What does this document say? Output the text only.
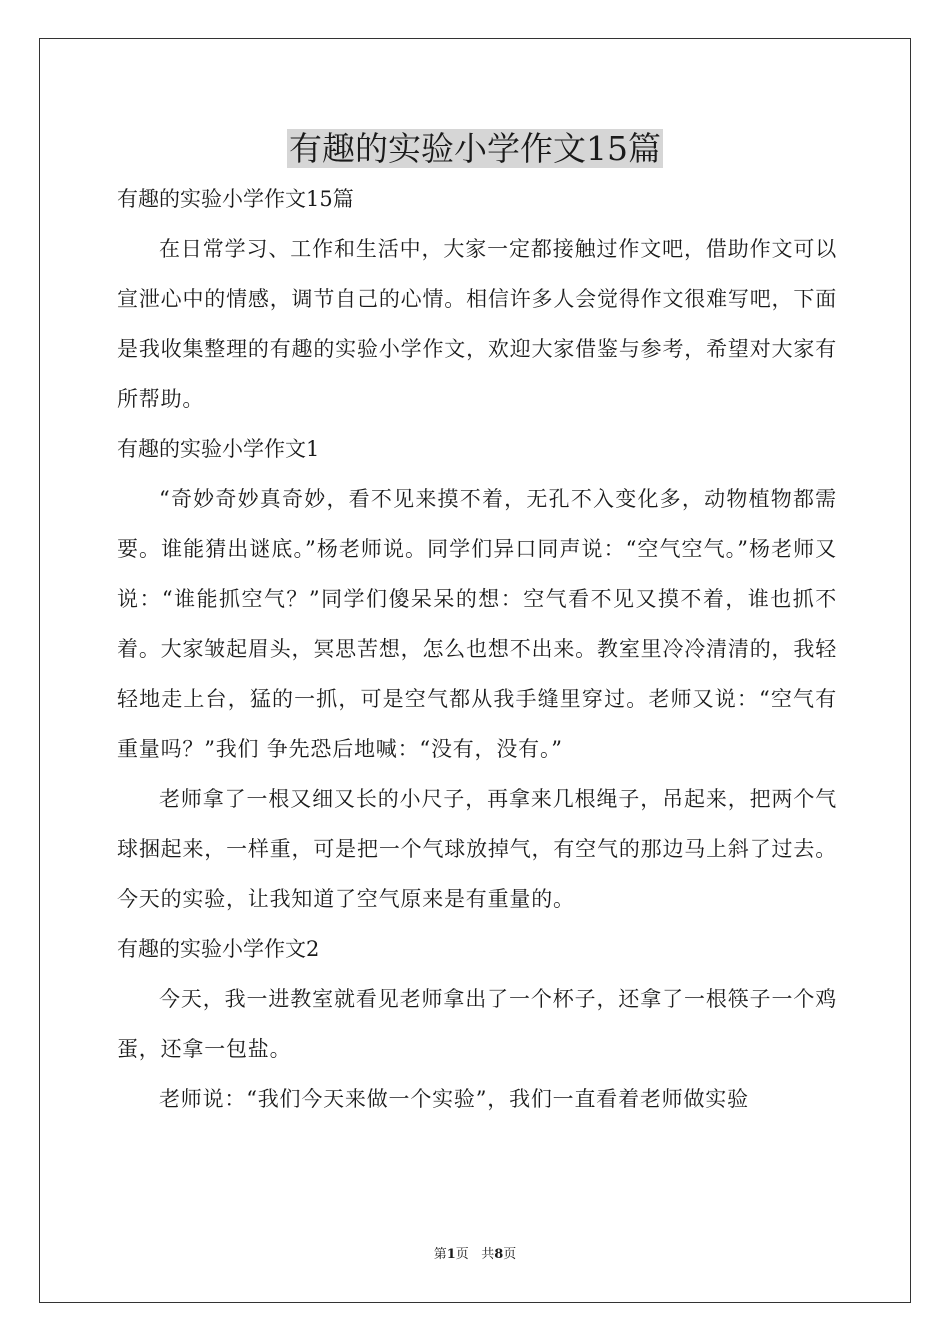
有趣的实验小学作文15篇

有趣的实验小学作文15篇

在日常学习、工作和生活中，大家一定都接触过作文吧，借助作文可以宣泄心中的情感，调节自己的心情。相信许多人会觉得作文很难写吧，下面是我收集整理的有趣的实验小学作文，欢迎大家借鉴与参考，希望对大家有所帮助。

有趣的实验小学作文1

“奇妙奇妙真奇妙，看不见来摸不着，无孔不入变化多，动物植物都需要。谁能猜出谜底。”杨老师说。同学们异口同声说：“空气空气。”杨老师又说：“谁能抓空气？”同学们傻呆呆的想：空气看不见又摸不着，谁也抓不着。大家皱起眉头，冥思苦想，怎么也想不出来。教室里冷冷清清的，我轻轻地走上台，猛的一抓，可是空气都从我手缝里穿过。老师又说：“空气有重量吗？”我们 争先恐后地喊：“没有，没有。”

老师拿了一根又细又长的小尺子，再拿来几根绳子，吊起来，把两个气球捆起来，一样重，可是把一个气球放掉气，有空气的那边马上斜了过去。今天的实验，让我知道了空气原来是有重量的。

有趣的实验小学作文2

今天，我一进教室就看见老师拿出了一个杯子，还拿了一根筷子一个鸡蛋，还拿一包盐。

老师说：“我们今天来做一个实验”，我们一直看着老师做实验

第1页 共8页
